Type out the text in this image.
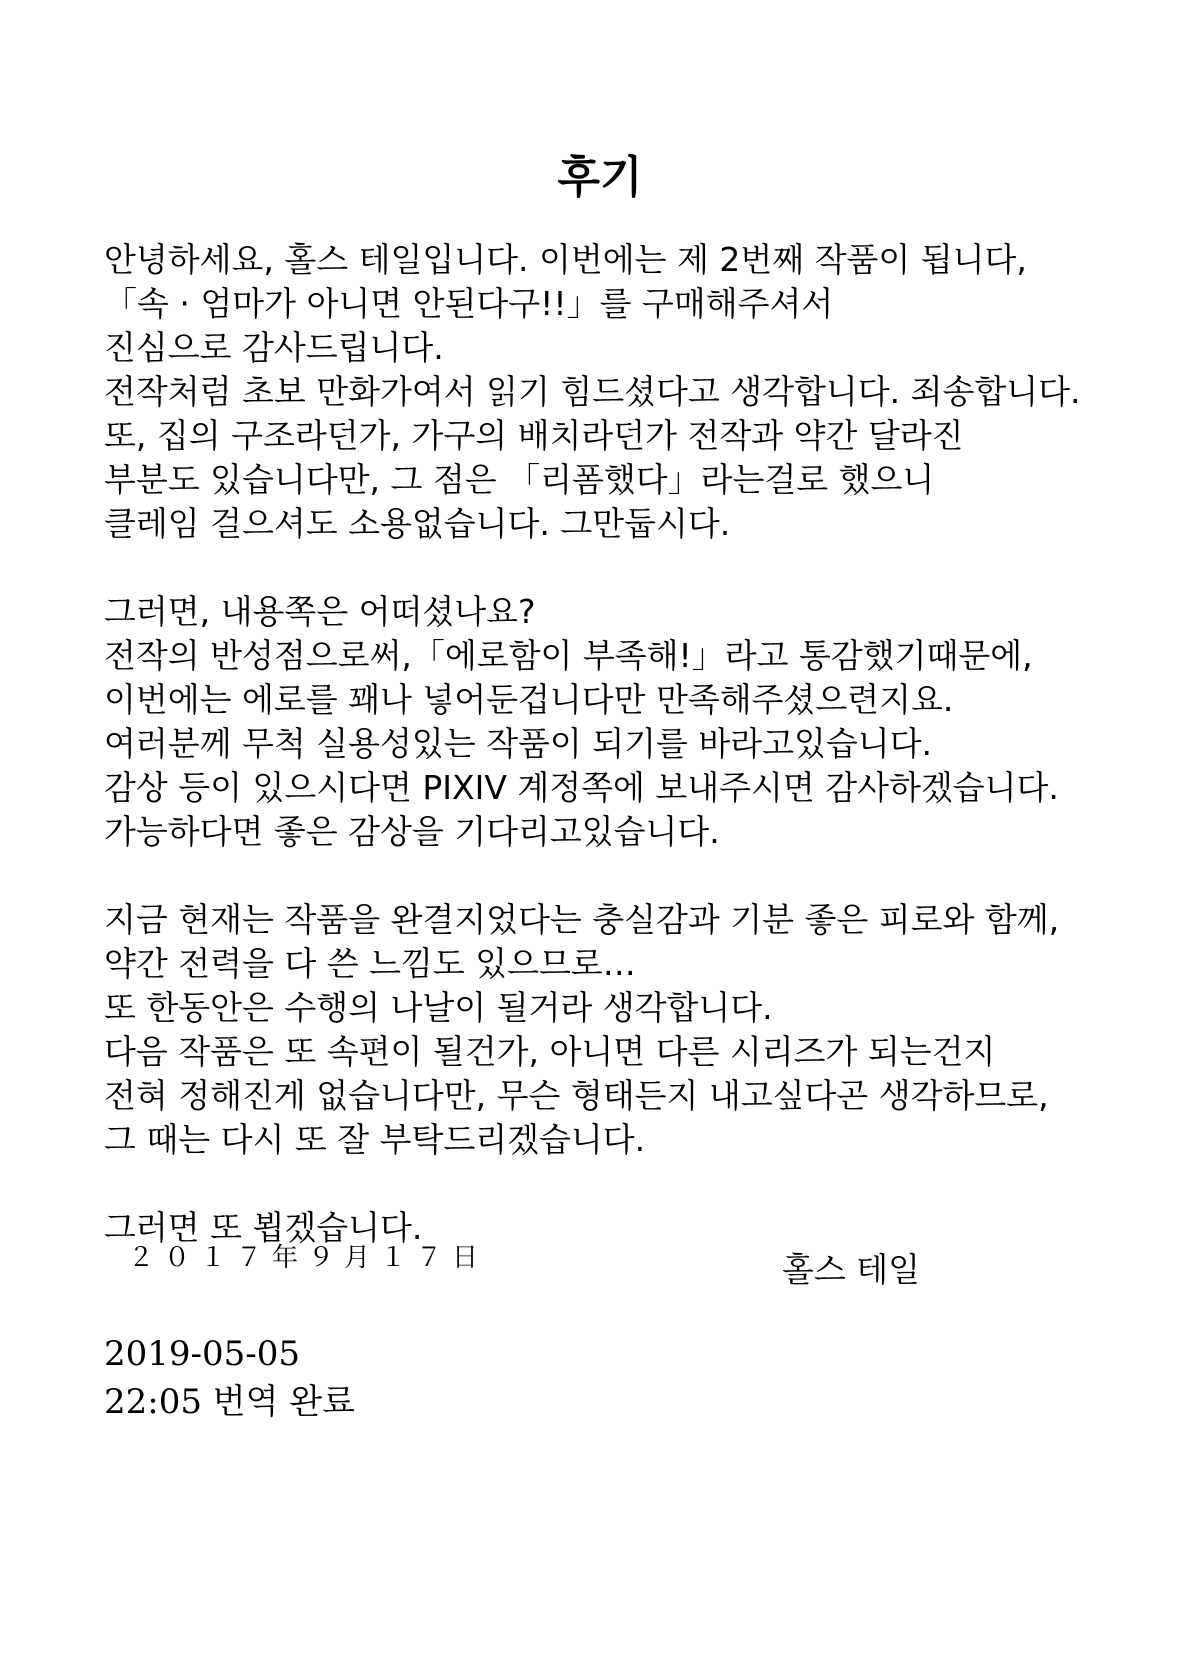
후기
안녕하세요, 홀스 테일입니다. 이번에는 제 2번째 작품이 됩니다,
「속 · 엄마가 아니면 안된다구!!」를 구매해주셔서
진심으로 감사드립니다.
전작처럼 초보 만화가여서 읽기 힘드셨다고 생각합니다. 죄송합니다.
또, 집의 구조라던가, 가구의 배치라던가 전작과 약간 달라진
부분도 있습니다만, 그 점은 「리폼했다」라는걸로 했으니
클레임 걸으셔도 소용없습니다. 그만둡시다.
그러면, 내용쪽은 어떠셨나요?
전작의 반성점으로써,「에로함이 부족해!」라고 통감했기때문에,
이번에는 에로를 꽤나 넣어둔겁니다만 만족해주셨으련지요.
여러분께 무척 실용성있는 작품이 되기를 바라고있습니다.
감상 등이 있으시다면 PIXIV 계정쪽에 보내주시면 감사하겠습니다.
가능하다면 좋은 감상을 기다리고있습니다.
지금 현재는 작품을 완결지었다는 충실감과 기분 좋은 피로와 함께,
약간 전력을 다 쓴 느낌도 있으므로…
또 한동안은 수행의 나날이 될거라 생각합니다.
다음 작품은 또 속편이 될건가, 아니면 다른 시리즈가 되는건지
전혀 정해진게 없습니다만, 무슨 형태든지 내고싶다곤 생각하므로,
그 때는 다시 또 잘 부탁드리겠습니다.
그러면 또 뵙겠습니다.
２０１７年９月１７日	홀스 테일
2019-05-05
22:05 번역 완료
